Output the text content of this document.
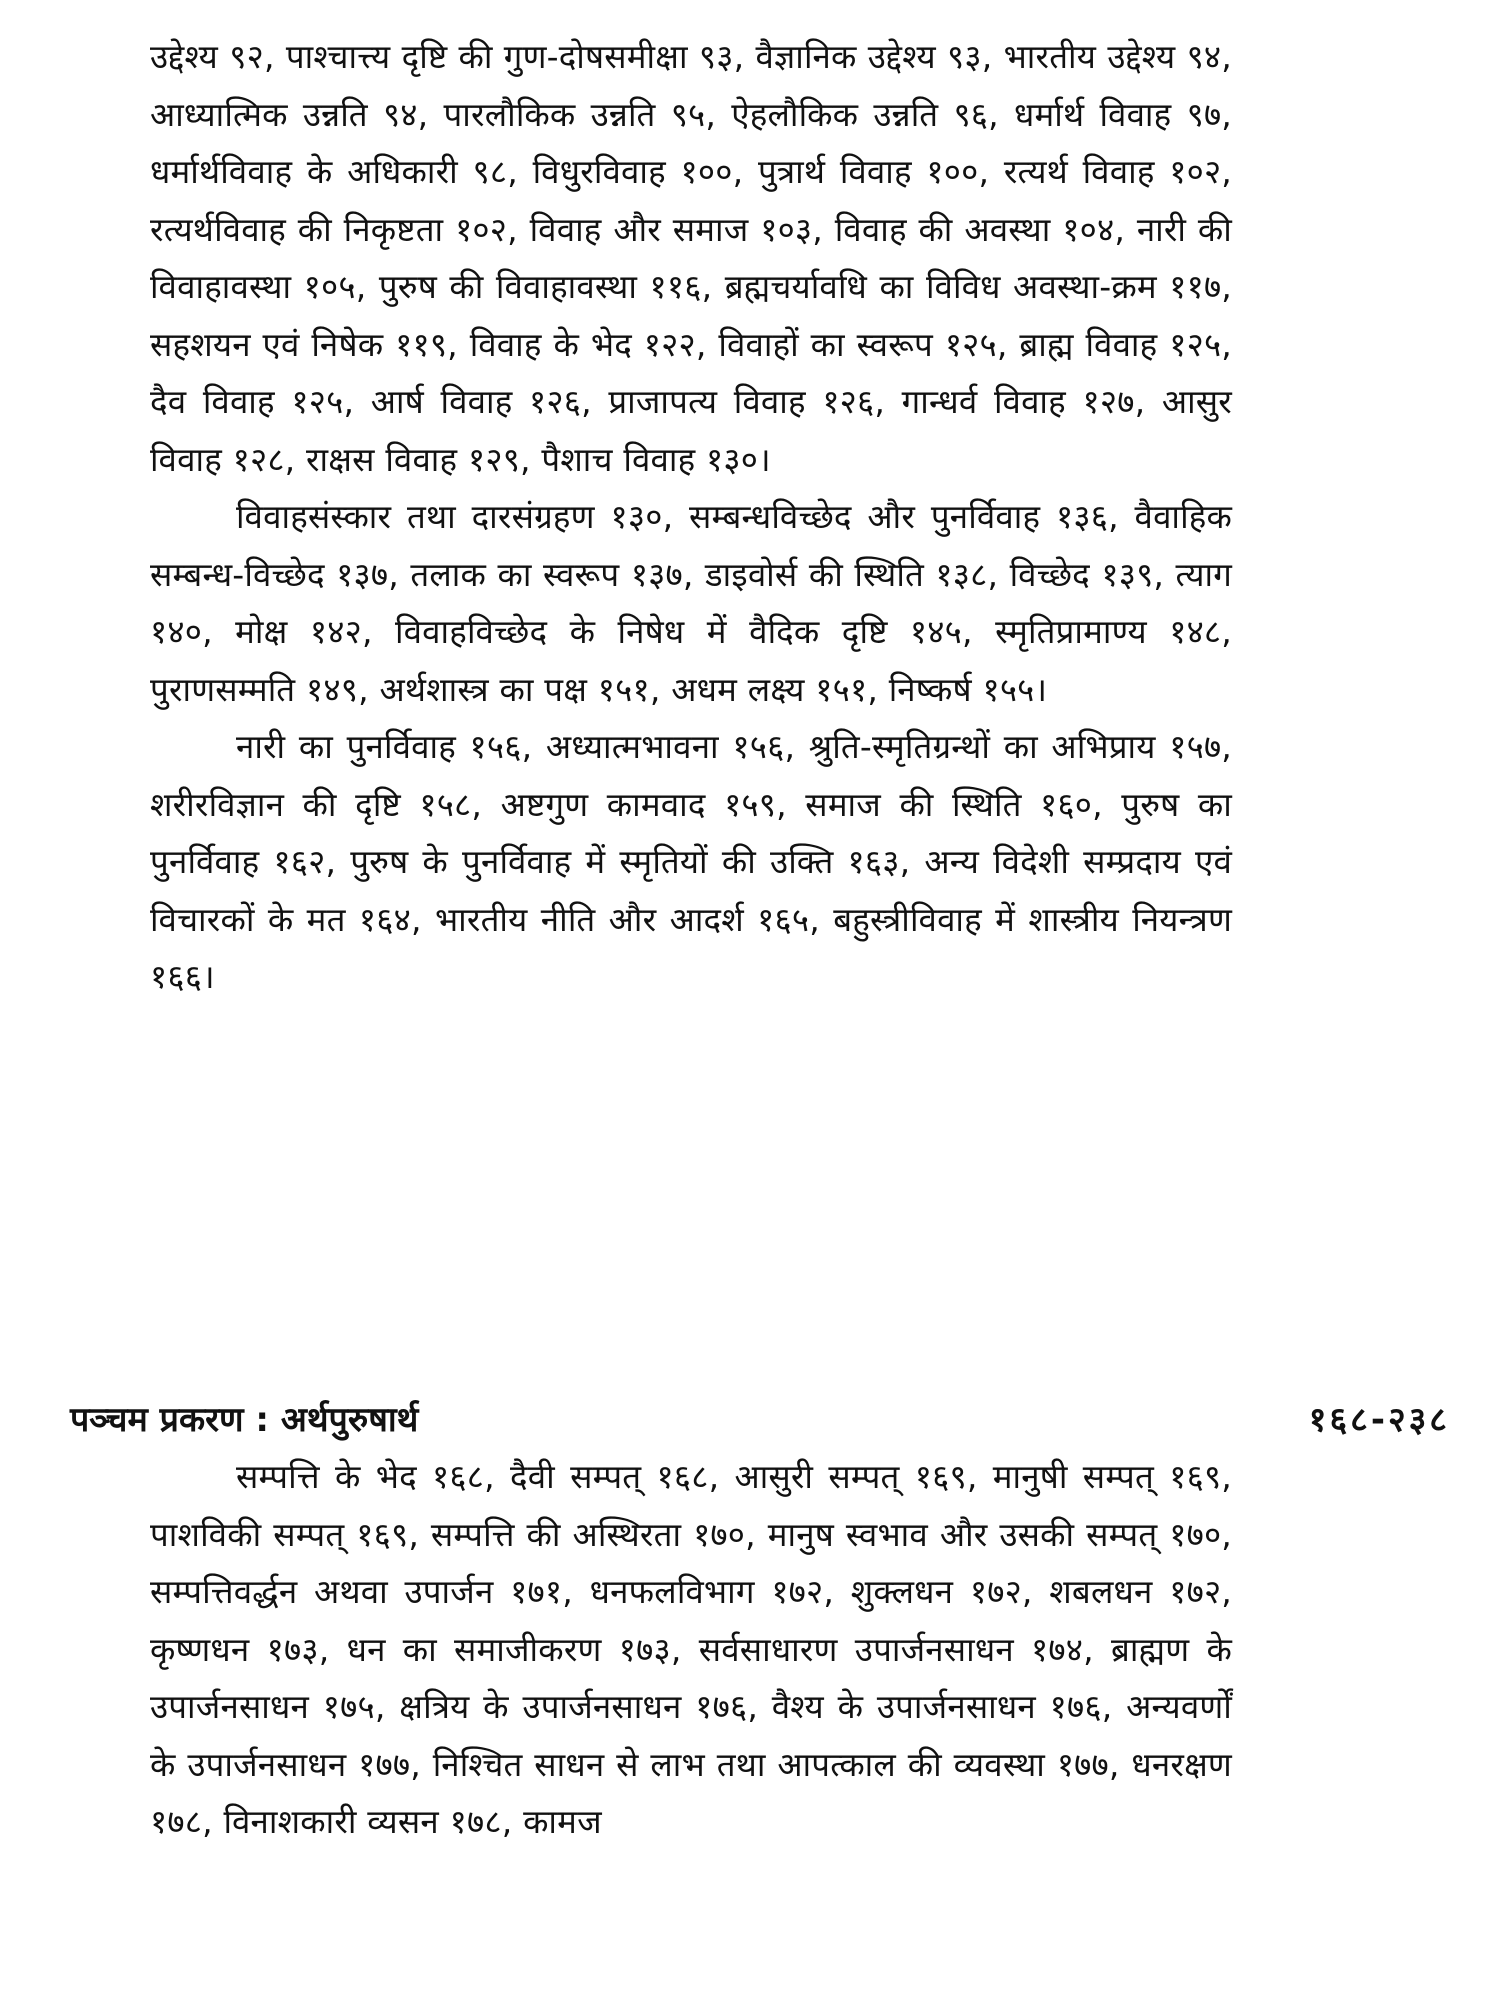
उद्देश्य ९२, पाश्चात्त्य दृष्टि की गुण-दोषसमीक्षा ९३, वैज्ञानिक उद्देश्य ९३, भारतीय उद्देश्य ९४, आध्यात्मिक उन्नति ९४, पारलौकिक उन्नति ९५, ऐहलौकिक उन्नति ९६, धर्मार्थ विवाह ९७, धर्मार्थविवाह के अधिकारी ९८, विधुरविवाह १००, पुत्रार्थ विवाह १००, रत्यर्थ विवाह १०२, रत्यर्थविवाह की निकृष्टता १०२, विवाह और समाज १०३, विवाह की अवस्था १०४, नारी की विवाहावस्था १०५, पुरुष की विवाहावस्था ११६, ब्रह्मचर्यावधि का विविध अवस्था-क्रम ११७, सहशयन एवं निषेक ११९, विवाह के भेद १२२, विवाहों का स्वरूप १२५, ब्राह्म विवाह १२५, दैव विवाह १२५, आर्ष विवाह १२६, प्राजापत्य विवाह १२६, गान्धर्व विवाह १२७, आसुर विवाह १२८, राक्षस विवाह १२९, पैशाच विवाह १३०।

विवाहसंस्कार तथा दारसंग्रहण १३०, सम्बन्धविच्छेद और पुनर्विवाह १३६, वैवाहिक सम्बन्ध-विच्छेद १३७, तलाक का स्वरूप १३७, डाइवोर्स की स्थिति १३८, विच्छेद १३९, त्याग १४०, मोक्ष १४२, विवाहविच्छेद के निषेध में वैदिक दृष्टि १४५, स्मृतिप्रामाण्य १४८, पुराणसम्मति १४९, अर्थशास्त्र का पक्ष १५१, अधम लक्ष्य १५१, निष्कर्ष १५५।

नारी का पुनर्विवाह १५६, अध्यात्मभावना १५६, श्रुति-स्मृतिग्रन्थों का अभिप्राय १५७, शरीरविज्ञान की दृष्टि १५८, अष्टगुण कामवाद १५९, समाज की स्थिति १६०, पुरुष का पुनर्विवाह १६२, पुरुष के पुनर्विवाह में स्मृतियों की उक्ति १६३, अन्य विदेशी सम्प्रदाय एवं विचारकों के मत १६४, भारतीय नीति और आदर्श १६५, बहुस्त्रीविवाह में शास्त्रीय नियन्त्रण १६६।

पञ्चम प्रकरण : अर्थपुरुषार्थ	१६८-२३८

सम्पत्ति के भेद १६८, दैवी सम्पत् १६८, आसुरी सम्पत् १६९, मानुषी सम्पत् १६९, पाशविकी सम्पत् १६९, सम्पत्ति की अस्थिरता १७०, मानुष स्वभाव और उसकी सम्पत् १७०, सम्पत्तिवर्द्धन अथवा उपार्जन १७१, धनफलविभाग १७२, शुक्लधन १७२, शबलधन १७२, कृष्णधन १७३, धन का समाजीकरण १७३, सर्वसाधारण उपार्जनसाधन १७४, ब्राह्मण के उपार्जनसाधन १७५, क्षत्रिय के उपार्जनसाधन १७६, वैश्य के उपार्जनसाधन १७६, अन्यवर्णों के उपार्जनसाधन १७७, निश्चित साधन से लाभ तथा आपत्काल की व्यवस्था १७७, धनरक्षण १७८, विनाशकारी व्यसन १७८, कामज
